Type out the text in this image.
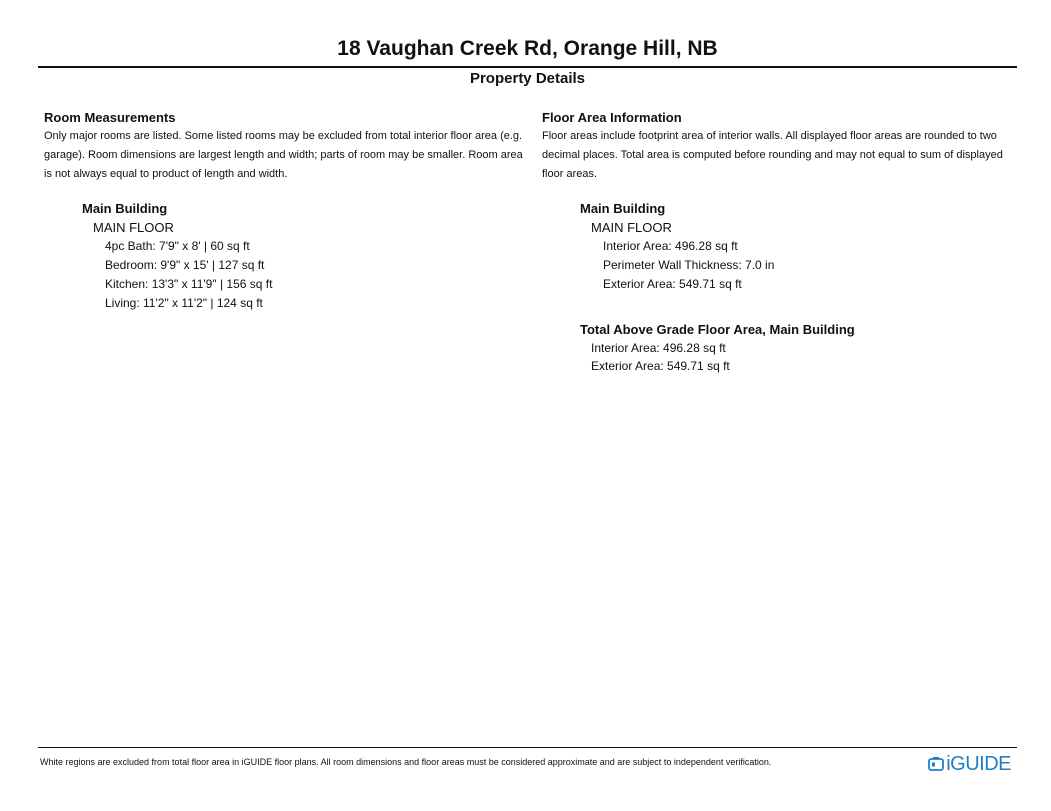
18 Vaughan Creek Rd, Orange Hill, NB
Property Details
Room Measurements

Only major rooms are listed. Some listed rooms may be excluded from total interior floor area (e.g. garage). Room dimensions are largest length and width; parts of room may be smaller. Room area is not always equal to product of length and width.

Main Building
MAIN FLOOR
4pc Bath: 7'9" x 8' | 60 sq ft
Bedroom: 9'9" x 15' | 127 sq ft
Kitchen: 13'3" x 11'9" | 156 sq ft
Living: 11'2" x 11'2" | 124 sq ft
Floor Area Information

Floor areas include footprint area of interior walls. All displayed floor areas are rounded to two decimal places. Total area is computed before rounding and may not equal to sum of displayed floor areas.

Main Building
MAIN FLOOR
Interior Area: 496.28 sq ft
Perimeter Wall Thickness: 7.0 in
Exterior Area: 549.71 sq ft
Total Above Grade Floor Area, Main Building
Interior Area: 496.28 sq ft
Exterior Area: 549.71 sq ft

White regions are excluded from total floor area in iGUIDE floor plans. All room dimensions and floor areas must be considered approximate and are subject to independent verification.	iGUIDE
